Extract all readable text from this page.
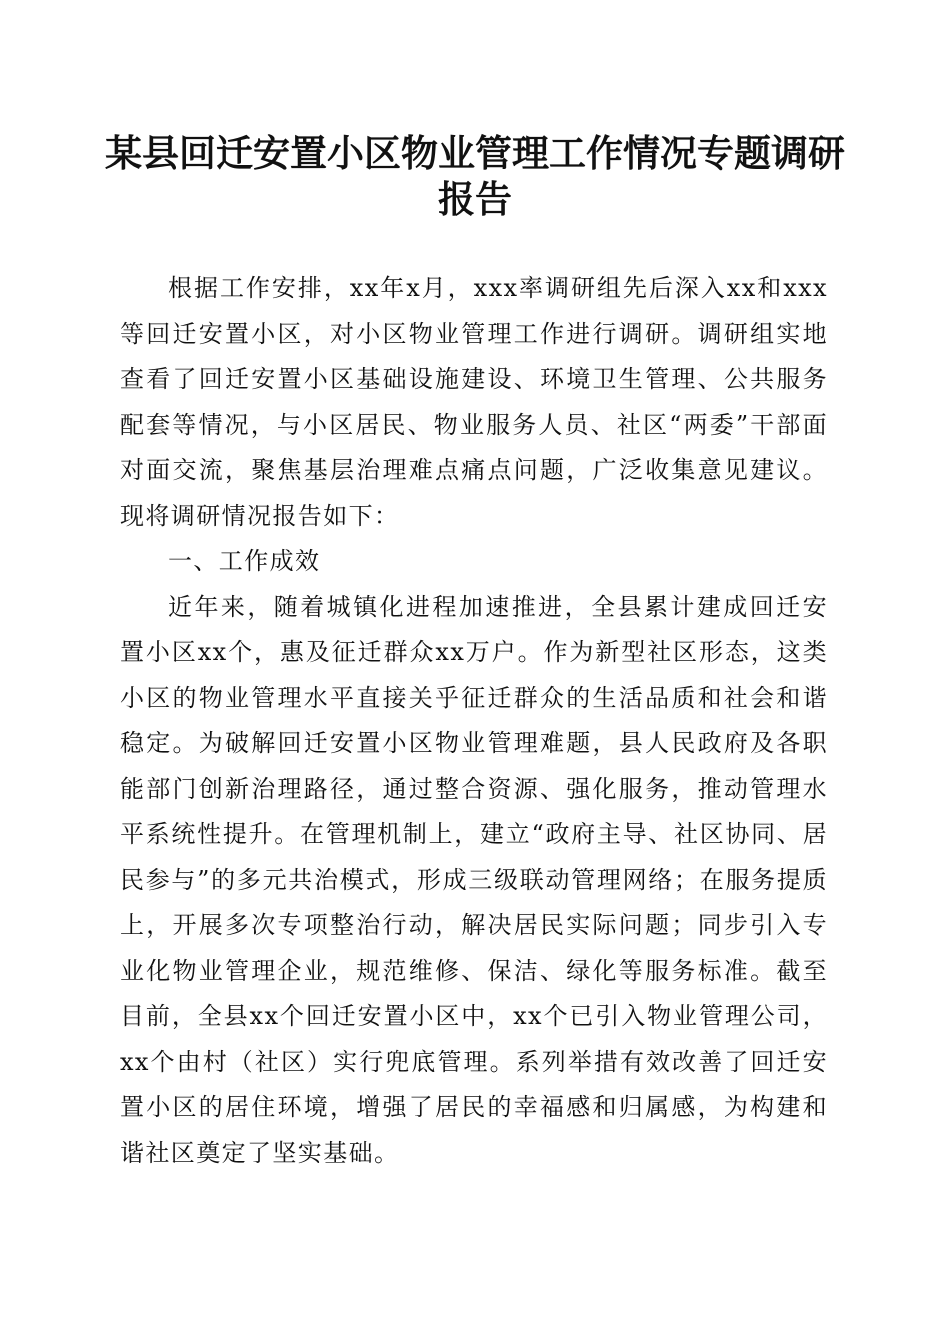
某县回迁安置小区物业管理工作情况专题调研报告

根据工作安排，xx年x月，xxx率调研组先后深入xx和xxx等回迁安置小区，对小区物业管理工作进行调研。调研组实地查看了回迁安置小区基础设施建设、环境卫生管理、公共服务配套等情况，与小区居民、物业服务人员、社区“两委”干部面对面交流，聚焦基层治理难点痛点问题，广泛收集意见建议。现将调研情况报告如下：

一、工作成效

近年来，随着城镇化进程加速推进，全县累计建成回迁安置小区xx个，惠及征迁群众xx万户。作为新型社区形态，这类小区的物业管理水平直接关乎征迁群众的生活品质和社会和谐稳定。为破解回迁安置小区物业管理难题，县人民政府及各职能部门创新治理路径，通过整合资源、强化服务，推动管理水平系统性提升。在管理机制上，建立“政府主导、社区协同、居民参与”的多元共治模式，形成三级联动管理网络；在服务提质上，开展多次专项整治行动，解决居民实际问题；同步引入专业化物业管理企业，规范维修、保洁、绿化等服务标准。截至目前，全县xx个回迁安置小区中，xx个已引入物业管理公司，xx个由村（社区）实行兜底管理。系列举措有效改善了回迁安置小区的居住环境，增强了居民的幸福感和归属感，为构建和谐社区奠定了坚实基础。
